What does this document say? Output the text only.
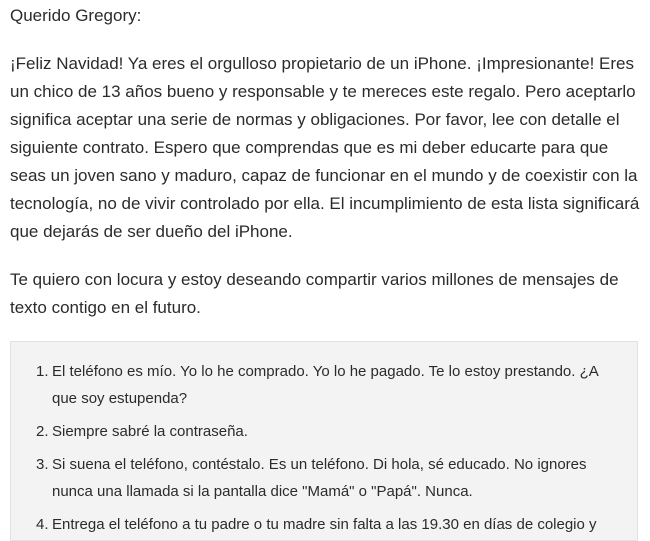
Querido Gregory:

¡Feliz Navidad! Ya eres el orgulloso propietario de un iPhone. ¡Impresionante! Eres un chico de 13 años bueno y responsable y te mereces este regalo. Pero aceptarlo significa aceptar una serie de normas y obligaciones. Por favor, lee con detalle el siguiente contrato. Espero que comprendas que es mi deber educarte para que seas un joven sano y maduro, capaz de funcionar en el mundo y de coexistir con la tecnología, no de vivir controlado por ella. El incumplimiento de esta lista significará que dejarás de ser dueño del iPhone.

Te quiero con locura y estoy deseando compartir varios millones de mensajes de texto contigo en el futuro.

1. El teléfono es mío. Yo lo he comprado. Yo lo he pagado. Te lo estoy prestando. ¿A que soy estupenda?
2. Siempre sabré la contraseña.
3. Si suena el teléfono, contéstalo. Es un teléfono. Di hola, sé educado. No ignores nunca una llamada si la pantalla dice "Mamá" o "Papá". Nunca.
4. Entrega el teléfono a tu padre o tu madre sin falta a las 19.30 en días de colegio y
